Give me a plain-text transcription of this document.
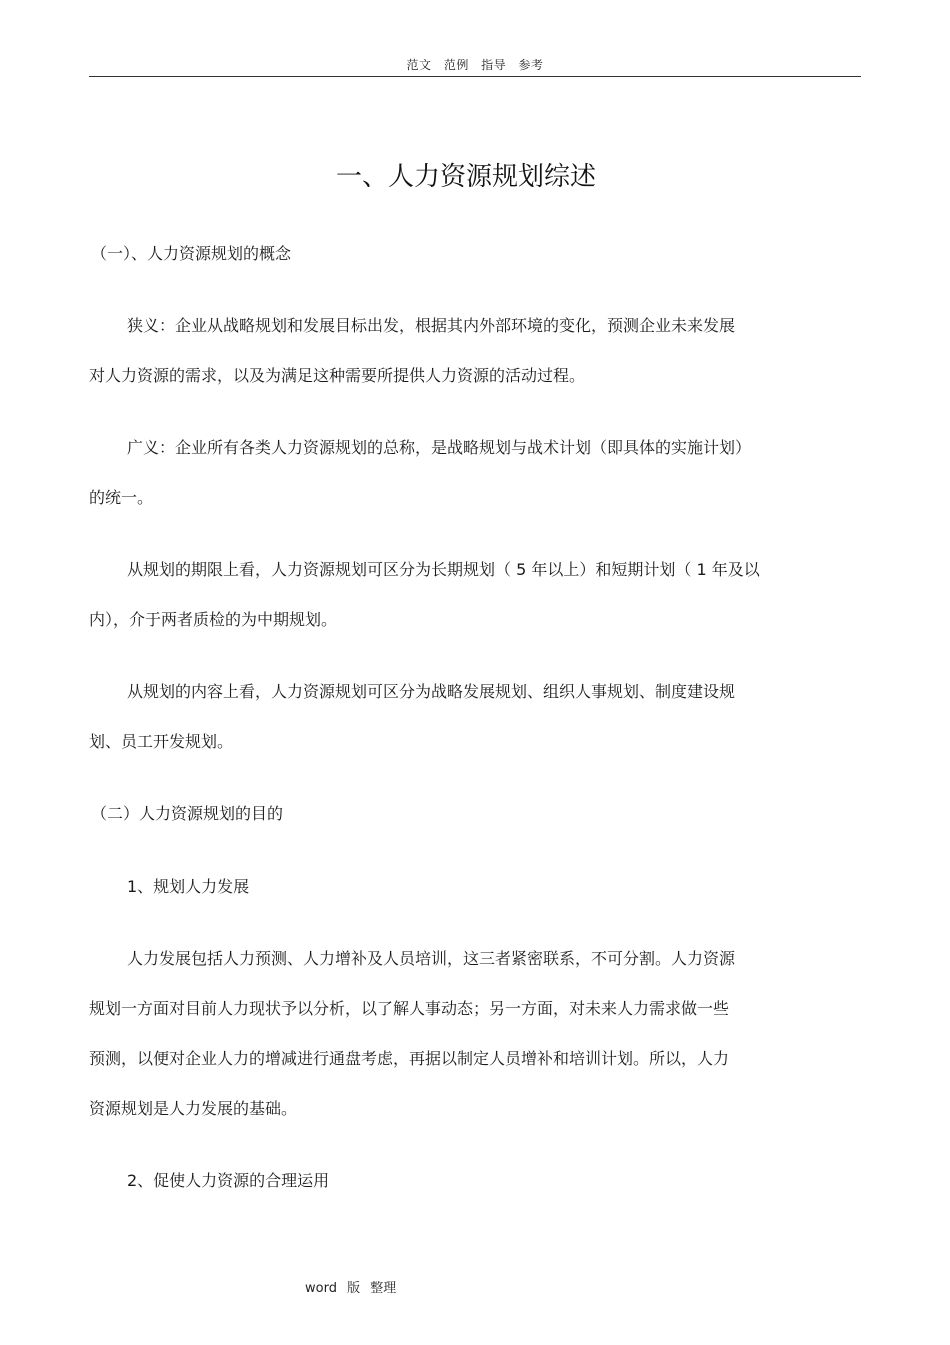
范文 范例 指导 参考
一、人力资源规划综述
（一）、人力资源规划的概念
狭义：企业从战略规划和发展目标出发，根据其内外部环境的变化，预测企业未来发展
对人力资源的需求，以及为满足这种需要所提供人力资源的活动过程。
广义：企业所有各类人力资源规划的总称，是战略规划与战术计划（即具体的实施计划）
的统一。
从规划的期限上看，人力资源规划可区分为长期规划（ 5 年以上）和短期计划（ 1 年及以
内），介于两者质检的为中期规划。
从规划的内容上看，人力资源规划可区分为战略发展规划、组织人事规划、制度建设规
划、员工开发规划。
（二）人力资源规划的目的
1、规划人力发展
人力发展包括人力预测、人力增补及人员培训，这三者紧密联系，不可分割。人力资源
规划一方面对目前人力现状予以分析，以了解人事动态；另一方面，对未来人力需求做一些
预测，以便对企业人力的增减进行通盘考虑，再据以制定人员增补和培训计划。所以，人力
资源规划是人力发展的基础。
2、促使人力资源的合理运用
word 版 整理
